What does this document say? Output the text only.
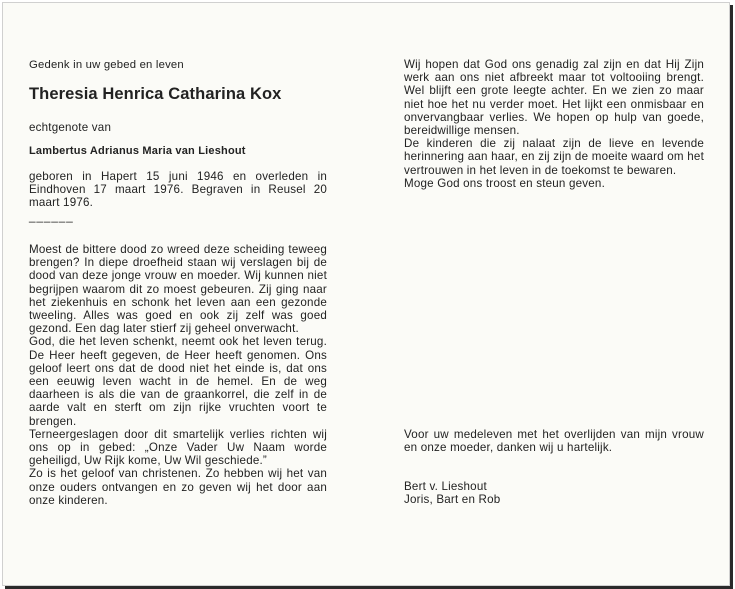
Gedenk in uw gebed en leven
Theresia Henrica Catharina Kox
echtgenote van
Lambertus Adrianus Maria van Lieshout
geboren in Hapert 15 juni 1946 en overleden in Eindhoven 17 maart 1976. Begraven in Reusel 20 maart 1976.
______

Moest de bittere dood zo wreed deze scheiding teweeg brengen? In diepe droefheid staan wij verslagen bij de dood van deze jonge vrouw en moeder. Wij kunnen niet begrijpen waarom dit zo moest gebeuren. Zij ging naar het ziekenhuis en schonk het leven aan een gezonde tweeling. Alles was goed en ook zij zelf was goed gezond. Een dag later stierf zij geheel onverwacht.

God, die het leven schenkt, neemt ook het leven terug. De Heer heeft gegeven, de Heer heeft genomen. Ons geloof leert ons dat de dood niet het einde is, dat ons een eeuwig leven wacht in de hemel. En de weg daarheen is als die van de graankorrel, die zelf in de aarde valt en sterft om zijn rijke vruchten voort te brengen.

Terneergeslagen door dit smartelijk verlies richten wij ons op in gebed: „Onze Vader Uw Naam worde geheiligd, Uw Rijk kome, Uw Wil geschiede.”

Zo is het geloof van christenen. Zo hebben wij het van onze ouders ontvangen en zo geven wij het door aan onze kinderen.

Wij hopen dat God ons genadig zal zijn en dat Hij Zijn werk aan ons niet afbreekt maar tot voltooiing brengt. Wel blijft een grote leegte achter. En we zien zo maar niet hoe het nu verder moet. Het lijkt een onmisbaar en onvervangbaar verlies. We hopen op hulp van goede, bereidwillige mensen.

De kinderen die zij nalaat zijn de lieve en levende herinnering aan haar, en zij zijn de moeite waard om het vertrouwen in het leven in de toekomst te bewaren.

Moge God ons troost en steun geven.

Voor uw medeleven met het overlijden van mijn vrouw en onze moeder, danken wij u hartelijk.
Bert v. Lieshout
Joris, Bart en Rob
